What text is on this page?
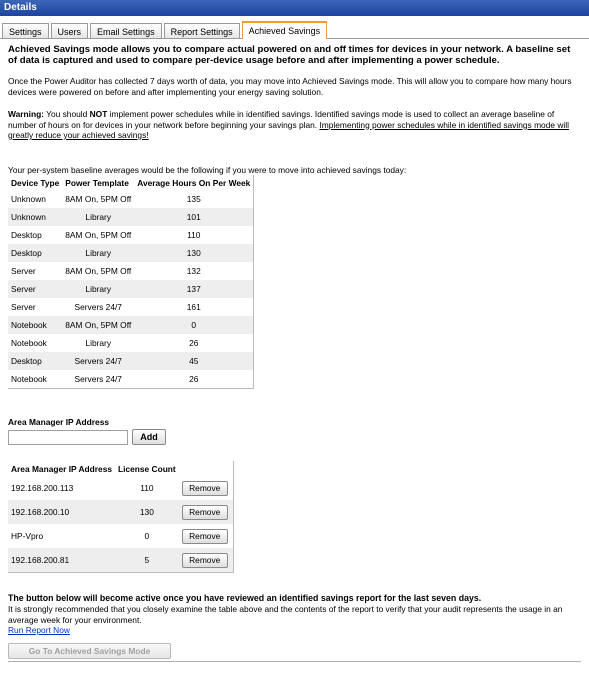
Details
Settings	Users	Email Settings	Report Settings	Achieved Savings
Achieved Savings mode allows you to compare actual powered on and off times for devices in your network. A baseline set of data is captured and used to compare per-device usage before and after implementing a power schedule.

Once the Power Auditor has collected 7 days worth of data, you may move into Achieved Savings mode. This will allow you to compare how many hours devices were powered on before and after implementing your energy saving solution.

Warning: You should NOT implement power schedules while in identified savings. Identified savings mode is used to collect an average baseline of number of hours on for devices in your network before beginning your savings plan. Implementing power schedules while in identified savings mode will greatly reduce your achieved savings!

Your per-system baseline averages would be the following if you were to move into achieved savings today:

Device Type	Power Template	Average Hours On Per Week
Unknown	8AM On, 5PM Off	135
Unknown	Library	101
Desktop	8AM On, 5PM Off	110
Desktop	Library	130
Server	8AM On, 5PM Off	132
Server	Library	137
Server	Servers 24/7	161
Notebook	8AM On, 5PM Off	0
Notebook	Library	26
Desktop	Servers 24/7	45
Notebook	Servers 24/7	26
Area Manager IP Address
Add
Area Manager IP Address	License Count	
192.168.200.113	110	Remove
192.168.200.10	130	Remove
HP-Vpro	0	Remove
192.168.200.81	5	Remove
The button below will become active once you have reviewed an identified savings report for the last seven days.

It is strongly recommended that you closely examine the table above and the contents of the report to verify that your audit represents the usage in an average week for your environment.

Run Report Now

Go To Achieved Savings Mode
